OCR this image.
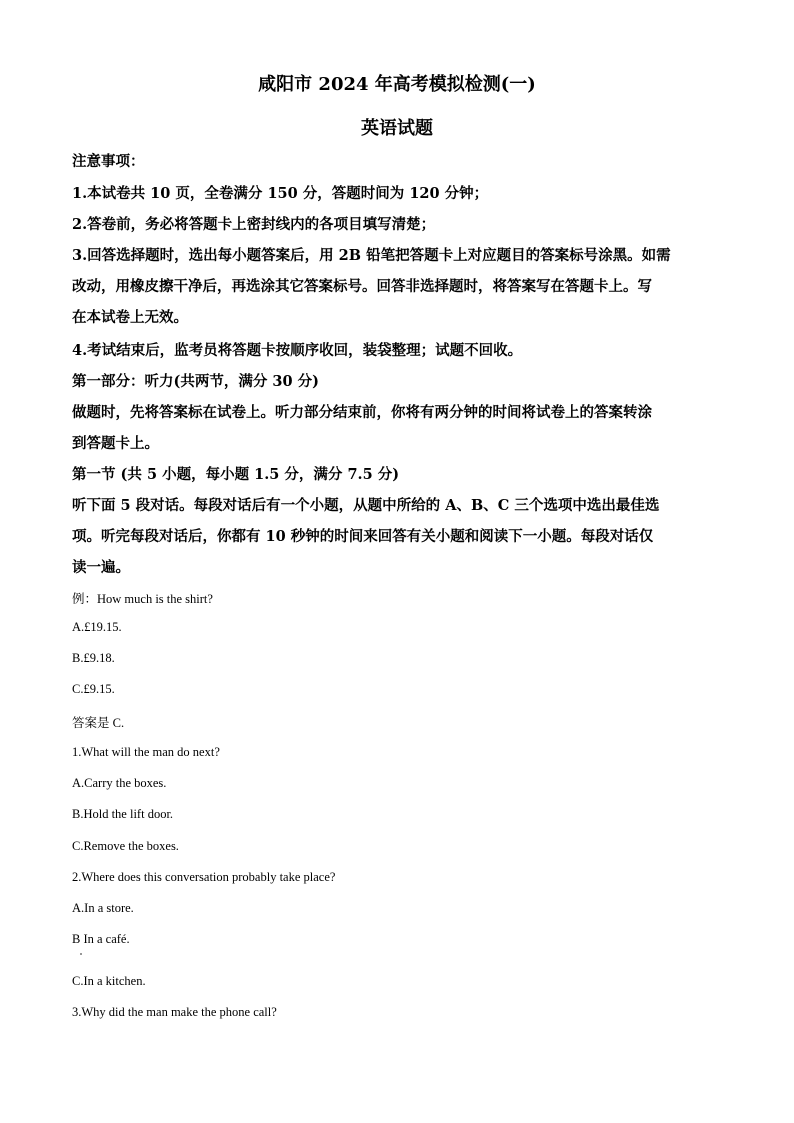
咸阳市 2024 年高考模拟检测(一)
英语试题

注意事项：

1.本试卷共 10 页，全卷满分 150 分，答题时间为 120 分钟；

2.答卷前，务必将答题卡上密封线内的各项目填写清楚；

3.回答选择题时，选出每小题答案后，用 2B 铅笔把答题卡上对应题目的答案标号涂黑。如需

改动，用橡皮擦干净后，再选涂其它答案标号。回答非选择题时，将答案写在答题卡上。写

在本试卷上无效。

4.考试结束后，监考员将答题卡按顺序收回，装袋整理；试题不回收。

第一部分：听力(共两节，满分 30 分)

做题时，先将答案标在试卷上。听力部分结束前，你将有两分钟的时间将试卷上的答案转涂

到答题卡上。

第一节 (共 5 小题，每小题 1.5 分，满分 7.5 分)

听下面 5 段对话。每段对话后有一个小题，从题中所给的 A、B、C 三个选项中选出最佳选

项。听完每段对话后，你都有 10 秒钟的时间来回答有关小题和阅读下一小题。每段对话仅

读一遍。

例：How much is the shirt?

A.£19.15.

B.£9.18.

C.£9.15.

答案是 C.

1.What will the man do next?

A.Carry the boxes.

B.Hold the lift door.

C.Remove the boxes.

2.Where does this conversation probably take place?

A.In a store.

B In a café.

C.In a kitchen.

3.Why did the man make the phone call?
